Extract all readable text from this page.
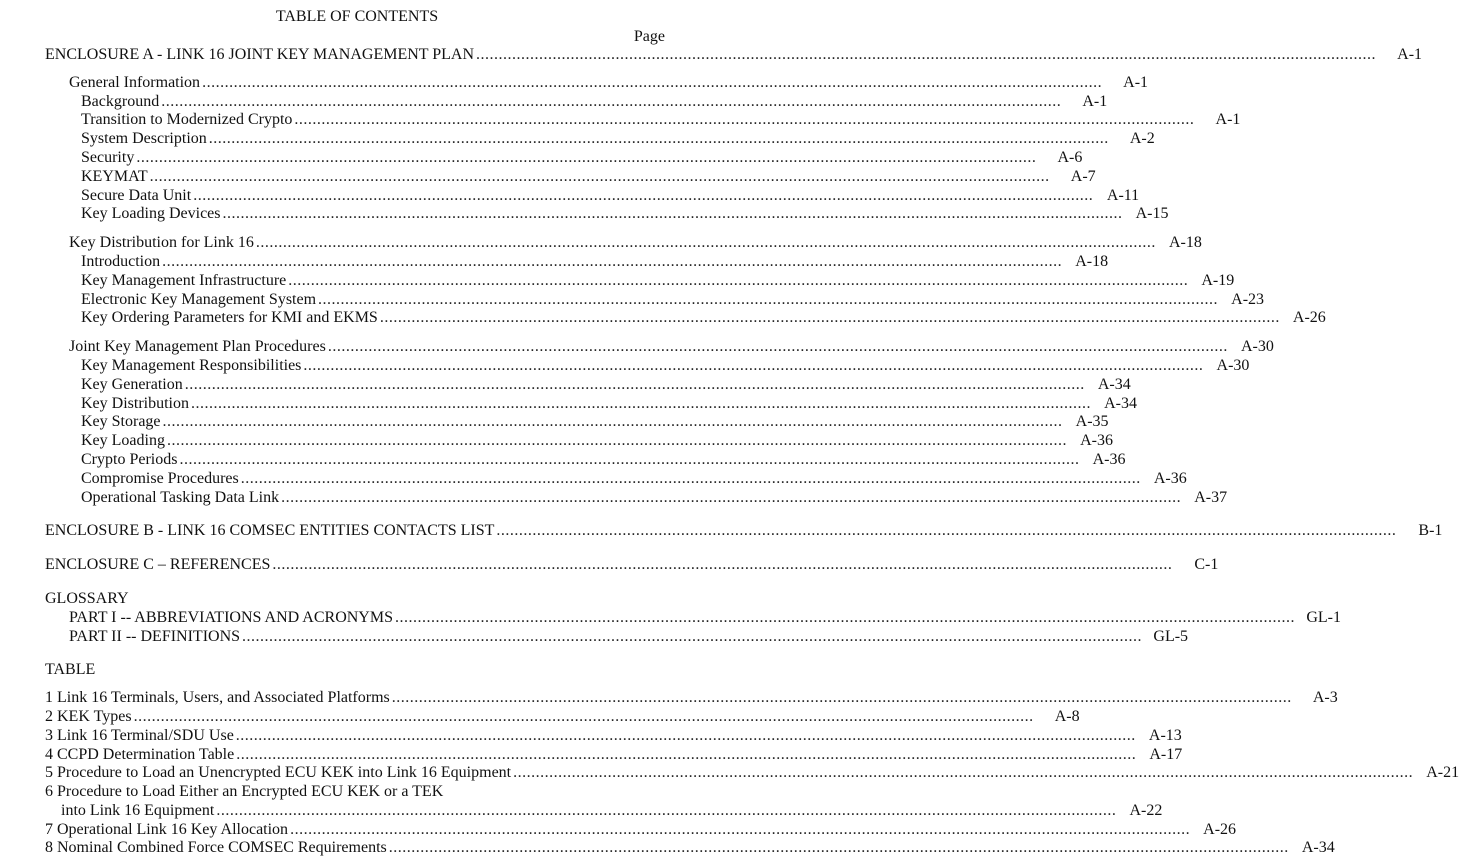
TABLE OF CONTENTS
Page
ENCLOSURE A - LINK 16 JOINT KEY MANAGEMENT PLAN ........................................................................................................................................................................................................	A-1
General Information ........................................................................................................................................................................................................	A-1
Background ........................................................................................................................................................................................................	A-1
Transition to Modernized Crypto ........................................................................................................................................................................................................	A-1
System Description ........................................................................................................................................................................................................	A-2
Security ........................................................................................................................................................................................................	A-6
KEYMAT ........................................................................................................................................................................................................	A-7
Secure Data Unit ........................................................................................................................................................................................................ A-11
Key Loading Devices ........................................................................................................................................................................................................ A-15
Key Distribution for Link 16 ........................................................................................................................................................................................................ A-18
Introduction ........................................................................................................................................................................................................ A-18
Key Management Infrastructure ........................................................................................................................................................................................................ A-19
Electronic Key Management System ........................................................................................................................................................................................................ A-23
Key Ordering Parameters for KMI and EKMS ........................................................................................................................................................................................................ A-26
Joint Key Management Plan Procedures ........................................................................................................................................................................................................ A-30
Key Management Responsibilities ........................................................................................................................................................................................................ A-30
Key Generation ........................................................................................................................................................................................................ A-34
Key Distribution ........................................................................................................................................................................................................ A-34
Key Storage ........................................................................................................................................................................................................ A-35
Key Loading ........................................................................................................................................................................................................ A-36
Crypto Periods ........................................................................................................................................................................................................ A-36
Compromise Procedures ........................................................................................................................................................................................................ A-36
Operational Tasking Data Link ........................................................................................................................................................................................................ A-37
ENCLOSURE B - LINK 16 COMSEC ENTITIES CONTACTS LIST ........................................................................................................................................................................................................	B-1
ENCLOSURE C – REFERENCES ........................................................................................................................................................................................................	C-1
GLOSSARY
PART I -- ABBREVIATIONS AND ACRONYMS ........................................................................................................................................................................................................ GL-1
PART II -- DEFINITIONS ........................................................................................................................................................................................................ GL-5
TABLE
1 Link 16 Terminals, Users, and Associated Platforms ........................................................................................................................................................................................................	A-3
2 KEK Types ........................................................................................................................................................................................................	A-8
3 Link 16 Terminal/SDU Use ........................................................................................................................................................................................................ A-13
4 CCPD Determination Table ........................................................................................................................................................................................................ A-17
5 Procedure to Load an Unencrypted ECU KEK into Link 16 Equipment ........................................................................................................................................................................................................ A-21
6 Procedure to Load Either an Encrypted ECU KEK or a TEK
into Link 16 Equipment ........................................................................................................................................................................................................ A-22
7 Operational Link 16 Key Allocation ........................................................................................................................................................................................................ A-26
8 Nominal Combined Force COMSEC Requirements ........................................................................................................................................................................................................ A-34
